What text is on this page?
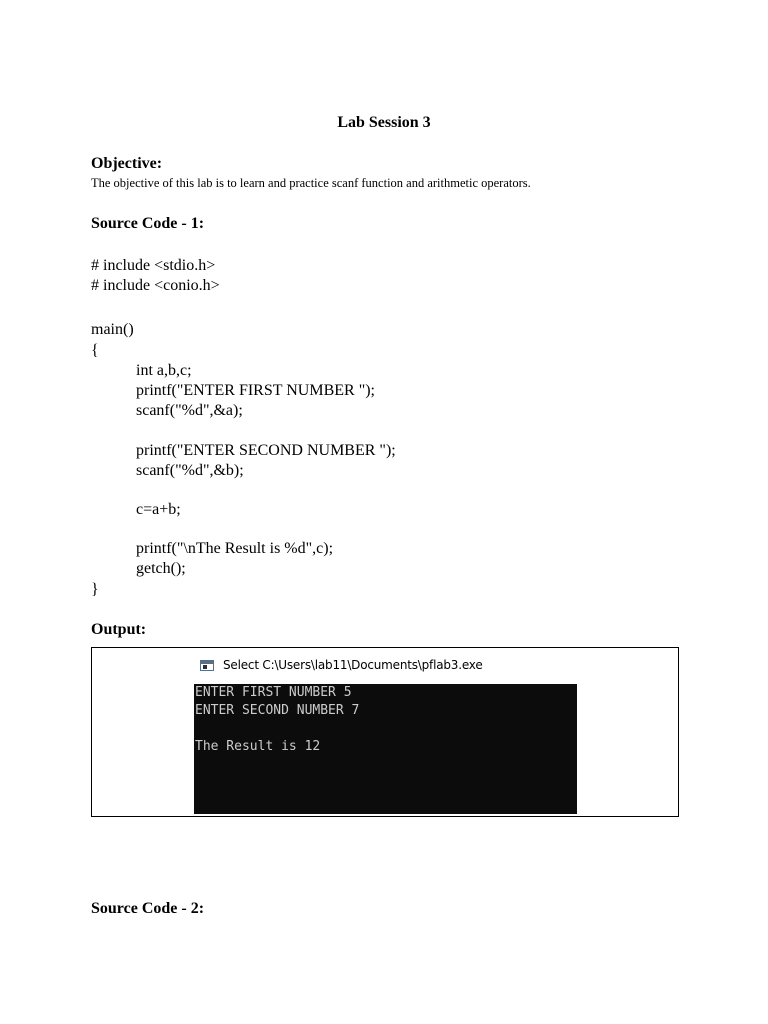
Lab Session 3
Objective:
The objective of this lab is to learn and practice scanf function and arithmetic operators.
Source Code - 1:
# include <stdio.h>
# include <conio.h>
main()
{
int a,b,c;
printf("ENTER FIRST NUMBER ");
scanf("%d",&a);
printf("ENTER SECOND NUMBER ");
scanf("%d",&b);
c=a+b;
printf("\nThe Result is %d",c);
getch();
}
Output:

Select C:\Users\lab11\Documents\pflab3.exe

ENTER FIRST NUMBER 5

ENTER SECOND NUMBER 7

The Result is 12

Source Code - 2:
